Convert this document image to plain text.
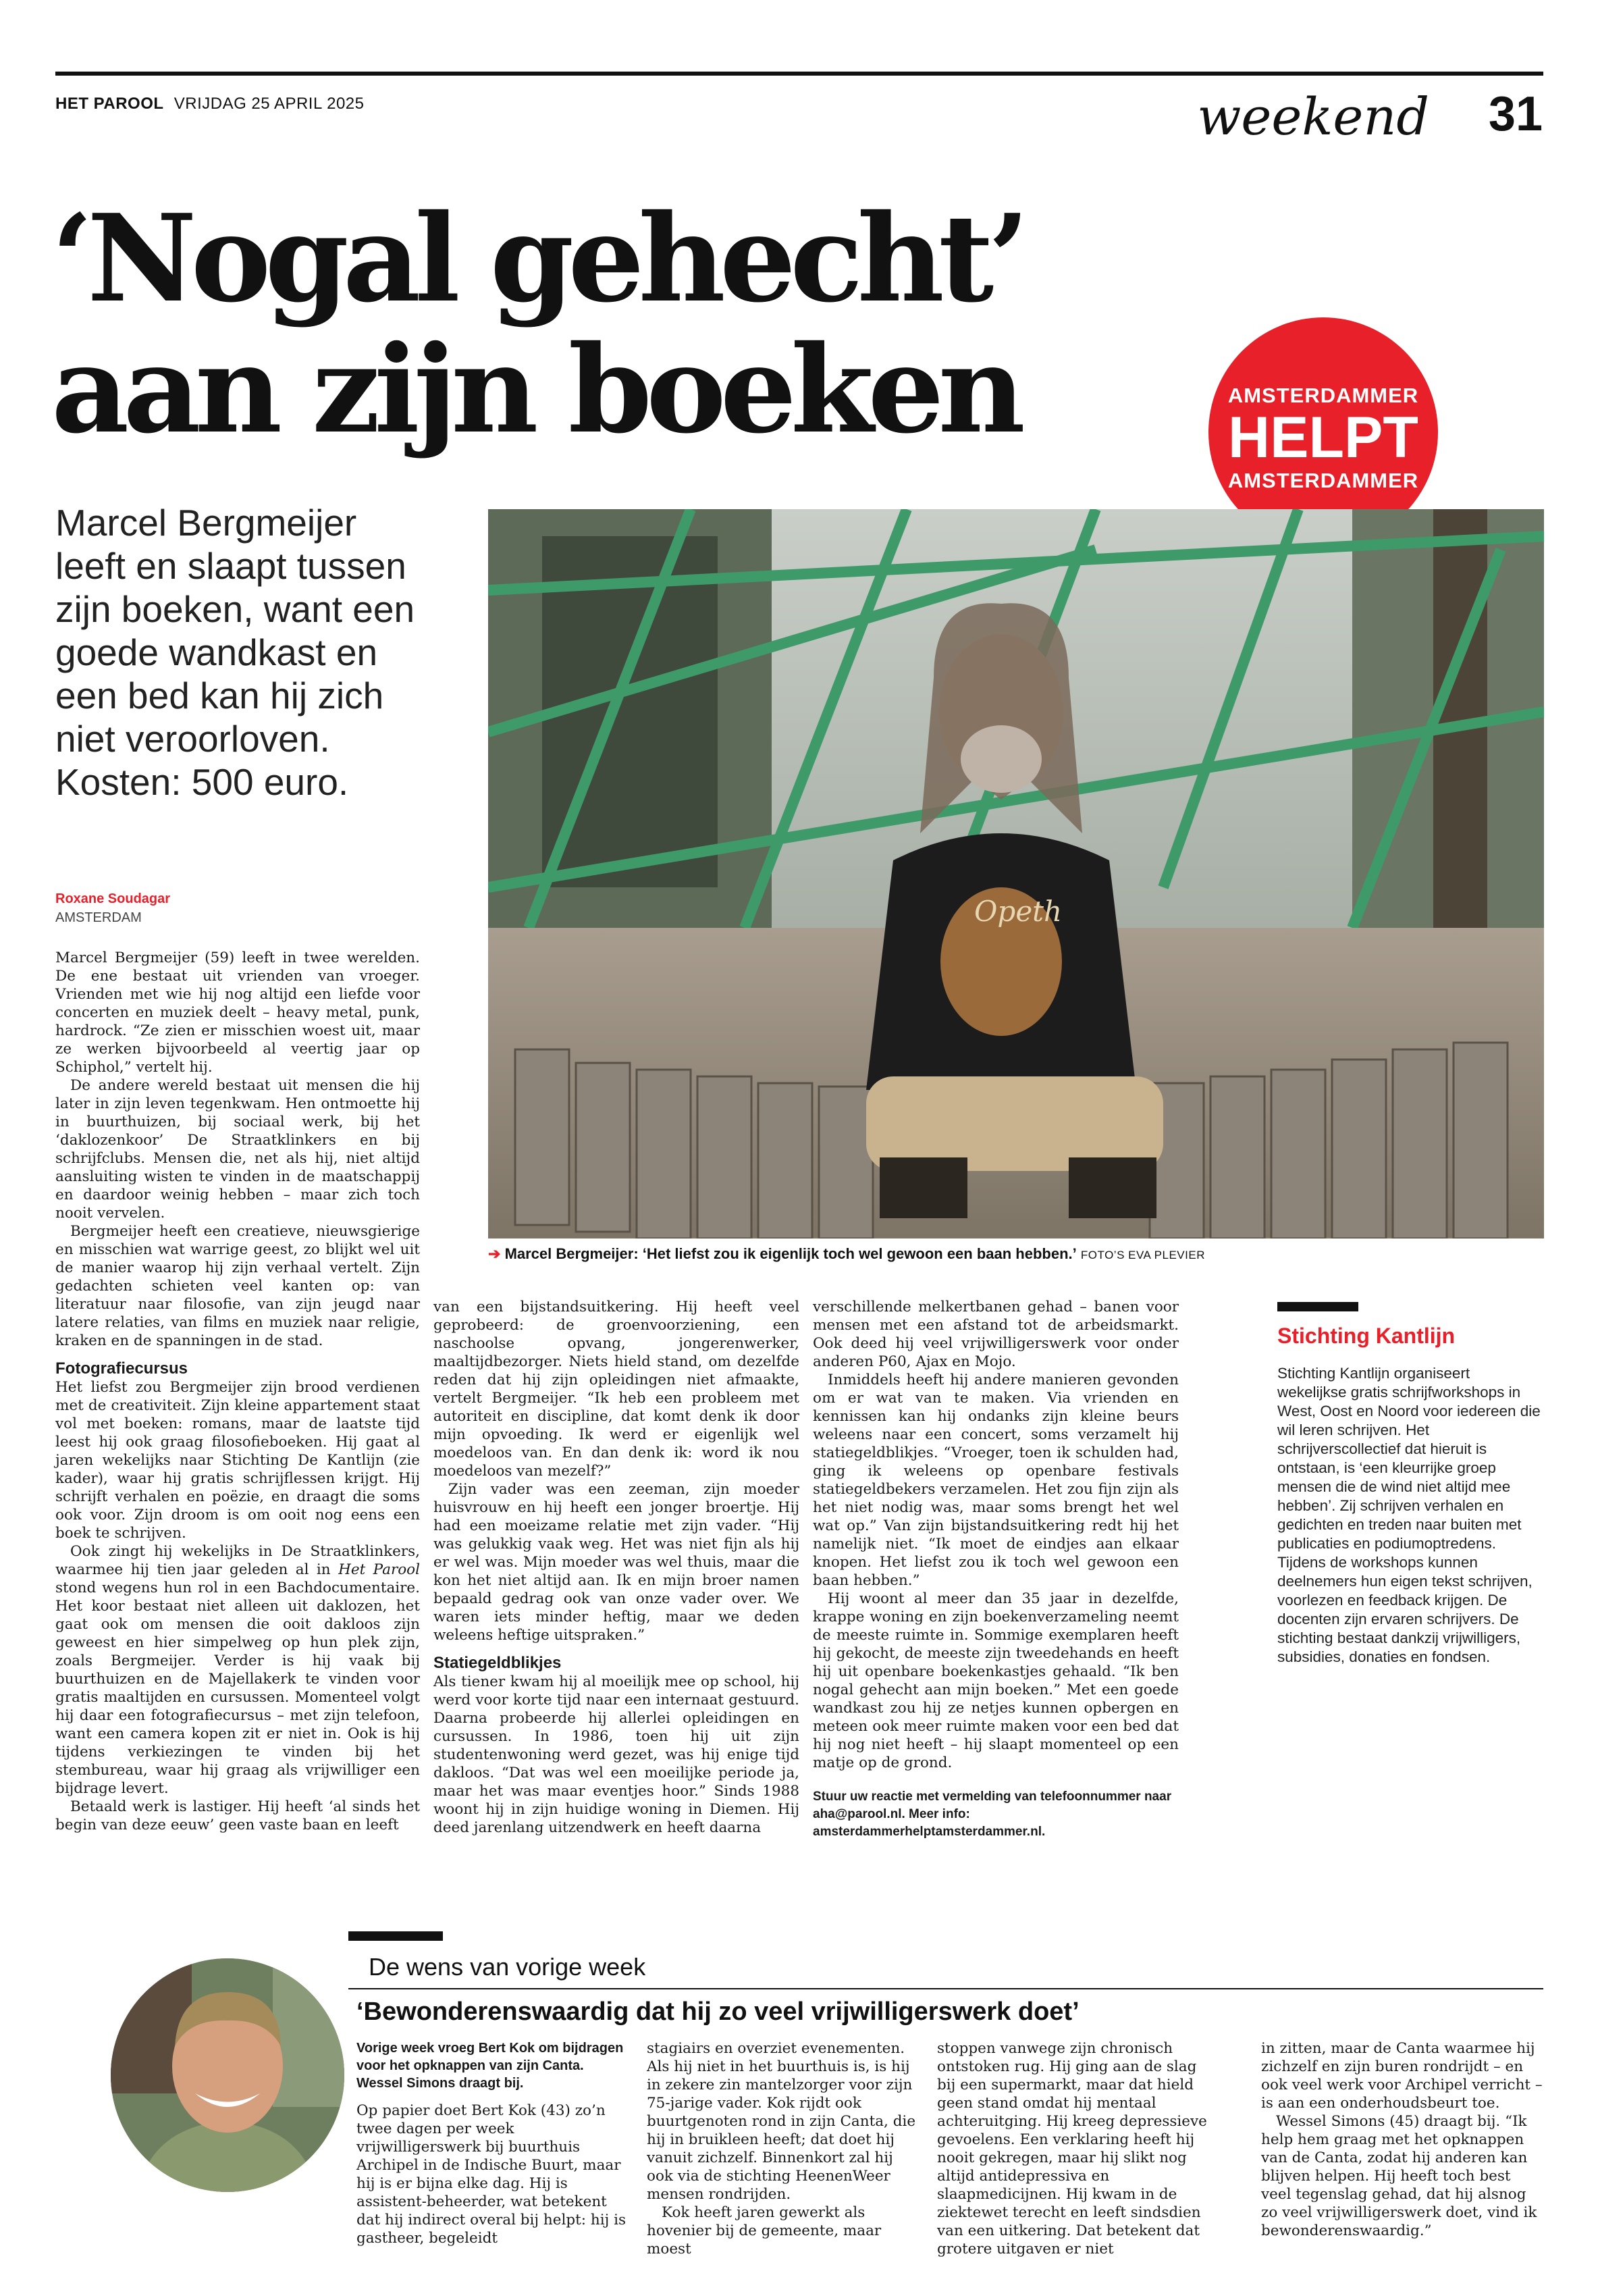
HET PAROOL VRIJDAG 25 APRIL 2025	weekend 31
‘Nogal gehecht’
aan zijn boeken	AMSTERDAMMER
HELPT
AMSTERDAMMER
Marcel Bergmeijer leeft en slaapt tussen zijn boeken, want een goede wandkast en een bed kan hij zich niet veroorloven. Kosten: 500 euro.
Opeth
➔ Marcel Bergmeijer: ‘Het liefst zou ik eigenlijk toch wel gewoon een baan hebben.’ FOTO’S EVA PLEVIER
Roxane Soudagar
AMSTERDAM

Marcel Bergmeijer (59) leeft in twee werelden. De ene bestaat uit vrienden van vroeger. Vrienden met wie hij nog altijd een liefde voor concerten en muziek deelt – heavy metal, punk, hardrock. “Ze zien er misschien woest uit, maar ze werken bijvoorbeeld al veertig jaar op Schiphol,” vertelt hij.

De andere wereld bestaat uit mensen die hij later in zijn leven tegenkwam. Hen ontmoette hij in buurthuizen, bij sociaal werk, bij het ‘daklozenkoor’ De Straatklinkers en bij schrijfclubs. Mensen die, net als hij, niet altijd aansluiting wisten te vinden in de maatschappij en daardoor weinig hebben – maar zich toch nooit vervelen.

Bergmeijer heeft een creatieve, nieuwsgierige en misschien wat warrige geest, zo blijkt wel uit de manier waarop hij zijn verhaal vertelt. Zijn gedachten schieten veel kanten op: van literatuur naar filosofie, van zijn jeugd naar latere relaties, van films en muziek naar religie, kraken en de spanningen in de stad.

Fotografiecursus

Het liefst zou Bergmeijer zijn brood verdienen met de creativiteit. Zijn kleine appartement staat vol met boeken: romans, maar de laatste tijd leest hij ook graag filosofieboeken. Hij gaat al jaren wekelijks naar Stichting De Kantlijn (zie kader), waar hij gratis schrijflessen krijgt. Hij schrijft verhalen en poëzie, en draagt die soms ook voor. Zijn droom is om ooit nog eens een boek te schrijven.

Ook zingt hij wekelijks in De Straatklinkers, waarmee hij tien jaar geleden al in Het Parool stond wegens hun rol in een Bachdocumentaire. Het koor bestaat niet alleen uit daklozen, het gaat ook om mensen die ooit dakloos zijn geweest en hier simpelweg op hun plek zijn, zoals Bergmeijer. Verder is hij vaak bij buurthuizen en de Majellakerk te vinden voor gratis maaltijden en cursussen. Momenteel volgt hij daar een fotografiecursus – met zijn telefoon, want een camera kopen zit er niet in. Ook is hij tijdens verkiezingen te vinden bij het stembureau, waar hij graag als vrijwilliger een bijdrage levert.

Betaald werk is lastiger. Hij heeft ‘al sinds het begin van deze eeuw’ geen vaste baan en leeft

van een bijstandsuitkering. Hij heeft veel geprobeerd: de groenvoorziening, een naschoolse opvang, jongerenwerker, maaltijdbezorger. Niets hield stand, om dezelfde reden dat hij zijn opleidingen niet afmaakte, vertelt Bergmeijer. “Ik heb een probleem met autoriteit en discipline, dat komt denk ik door mijn opvoeding. Ik werd er eigenlijk wel moedeloos van. En dan denk ik: word ik nou moedeloos van mezelf?”

Zijn vader was een zeeman, zijn moeder huisvrouw en hij heeft een jonger broertje. Hij had een moeizame relatie met zijn vader. “Hij was gelukkig vaak weg. Het was niet fijn als hij er wel was. Mijn moeder was wel thuis, maar die kon het niet altijd aan. Ik en mijn broer namen bepaald gedrag ook van onze vader over. We waren iets minder heftig, maar we deden weleens heftige uitspraken.”

Statiegeldblikjes

Als tiener kwam hij al moeilijk mee op school, hij werd voor korte tijd naar een internaat gestuurd. Daarna probeerde hij allerlei opleidingen en cursussen. In 1986, toen hij uit zijn studentenwoning werd gezet, was hij enige tijd dakloos. “Dat was wel een moeilijke periode ja, maar het was maar eventjes hoor.” Sinds 1988 woont hij in zijn huidige woning in Diemen. Hij deed jarenlang uitzendwerk en heeft daarna

verschillende melkertbanen gehad – banen voor mensen met een afstand tot de arbeidsmarkt. Ook deed hij veel vrijwilligerswerk voor onder anderen P60, Ajax en Mojo.

Inmiddels heeft hij andere manieren gevonden om er wat van te maken. Via vrienden en kennissen kan hij ondanks zijn kleine beurs weleens naar een concert, soms verzamelt hij statiegeldblikjes. “Vroeger, toen ik schulden had, ging ik weleens op openbare festivals statiegeldbekers verzamelen. Het zou fijn zijn als het niet nodig was, maar soms brengt het wel wat op.” Van zijn bijstandsuitkering redt hij het namelijk niet. “Ik moet de eindjes aan elkaar knopen. Het liefst zou ik toch wel gewoon een baan hebben.”

Hij woont al meer dan 35 jaar in dezelfde, krappe woning en zijn boekenverzameling neemt de meeste ruimte in. Sommige exemplaren heeft hij gekocht, de meeste zijn tweedehands en heeft hij uit openbare boekenkastjes gehaald. “Ik ben nogal gehecht aan mijn boeken.” Met een goede wandkast zou hij ze netjes kunnen opbergen en meteen ook meer ruimte maken voor een bed dat hij nog niet heeft – hij slaapt momenteel op een matje op de grond.

Stuur uw reactie met vermelding van telefoonnummer naar aha@parool.nl. Meer info: amsterdammerhelptamsterdammer.nl.

Stichting Kantlijn
Stichting Kantlijn organiseert wekelijkse gratis schrijfworkshops in West, Oost en Noord voor iedereen die wil leren schrijven. Het schrijverscollectief dat hieruit is ontstaan, is ‘een kleurrijke groep mensen die de wind niet altijd mee hebben’. Zij schrijven verhalen en gedichten en treden naar buiten met publicaties en podiumoptredens. Tijdens de workshops kunnen deelnemers hun eigen tekst schrijven, voorlezen en feedback krijgen. De docenten zijn ervaren schrijvers. De stichting bestaat dankzij vrijwilligers, subsidies, donaties en fondsen.
De wens van vorige week
‘Bewonderenswaardig dat hij zo veel vrijwilligerswerk doet’

Vorige week vroeg Bert Kok om bijdragen voor het opknappen van zijn Canta. Wessel Simons draagt bij.

Op papier doet Bert Kok (43) zo’n twee dagen per week vrijwilligerswerk bij buurthuis Archipel in de Indische Buurt, maar hij is er bijna elke dag. Hij is assistent-beheerder, wat betekent dat hij indirect overal bij helpt: hij is gastheer, begeleidt

stagiairs en overziet evenementen. Als hij niet in het buurthuis is, is hij in zekere zin mantelzorger voor zijn 75-jarige vader. Kok rijdt ook buurtgenoten rond in zijn Canta, die hij in bruikleen heeft; dat doet hij vanuit zichzelf. Binnenkort zal hij ook via de stichting HeenenWeer mensen rondrijden.

Kok heeft jaren gewerkt als hovenier bij de gemeente, maar moest

stoppen vanwege zijn chronisch ontstoken rug. Hij ging aan de slag bij een supermarkt, maar dat hield geen stand omdat hij mentaal achteruitging. Hij kreeg depressieve gevoelens. Een verklaring heeft hij nooit gekregen, maar hij slikt nog altijd antidepressiva en slaapmedicijnen. Hij kwam in de ziektewet terecht en leeft sindsdien van een uitkering. Dat betekent dat grotere uitgaven er niet

in zitten, maar de Canta waarmee hij zichzelf en zijn buren rondrijdt – en ook veel werk voor Archipel verricht – is aan een onderhoudsbeurt toe.

Wessel Simons (45) draagt bij. “Ik help hem graag met het opknappen van de Canta, zodat hij anderen kan blijven helpen. Hij heeft toch best veel tegenslag gehad, dat hij alsnog zo veel vrijwilligerswerk doet, vind ik bewonderenswaardig.”
